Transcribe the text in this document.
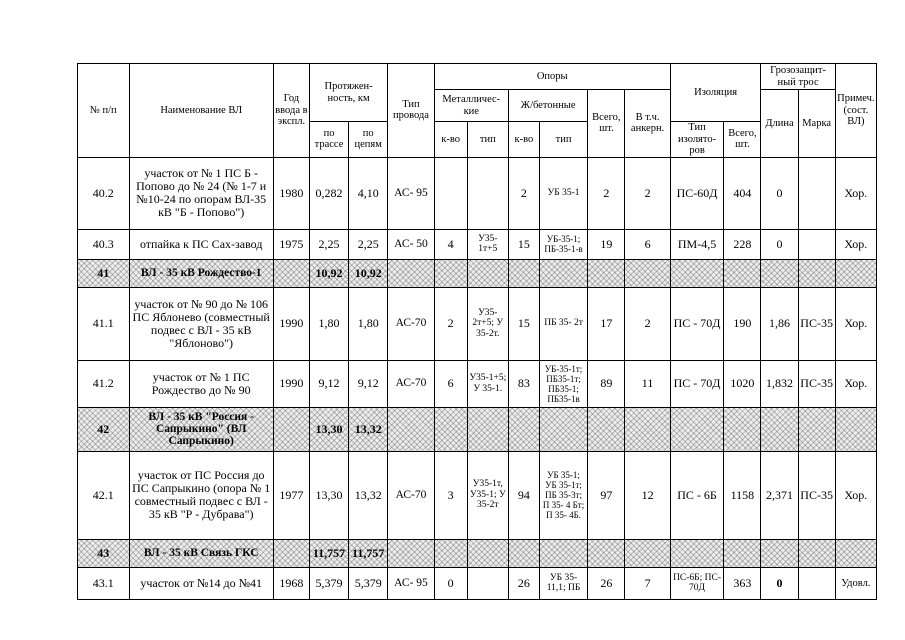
№ п/п	Наименование ВЛ	Год ввода в экспл.	Протяжен-ность, км		Тип провода	Опоры						Изоляция		Грозозащит-ный трос		Примеч. (сост. ВЛ)
						Металличес-кие		Ж/бетонные		Всего, шт.	В т.ч. анкерн.			Длина	Марка	
			по трассе	по цепям		к-во	тип	к-во	тип			Тип изолято-ров	Всего, шт.			
40.2	участок от № 1 ПС Б - Попово до № 24 (№ 1-7 и №10-24 по опорам ВЛ-35 кВ "Б - Попово")	1980	0,282	4,10	АС- 95			2	УБ 35-1	2	2	ПС-60Д	404	0		Хор.
40.3	отпайка к ПС Сах-завод	1975	2,25	2,25	АС- 50	4	У35-1т+5	15	УБ-35-1; ПБ-35-1-в	19	6	ПМ-4,5	228	0		Хор.
41	ВЛ - 35 кВ Рождество-1		10,92	10,92												
41.1	участок от № 90 до № 106 ПС Яблонево (совместный подвес с ВЛ - 35 кВ "Яблоново")	1990	1,80	1,80	АС-70	2	У35-2т+5; У 35-2т.	15	ПБ 35- 2т	17	2	ПС - 70Д	190	1,86	ПС-35	Хор.
41.2	участок от № 1 ПС Рождество до № 90	1990	9,12	9,12	АС-70	6	У35-1+5; У 35-1.	83	УБ-35-1т; ПБ35-1т; ПБ35-1; ПБ35-1в	89	11	ПС - 70Д	1020	1,832	ПС-35	Хор.
42	ВЛ - 35 кВ "Россия - Сапрыкино" (ВЛ Сапрыкино)		13,30	13,32												
42.1	участок от ПС Россия до ПС Сапрыкино (опора № 1 совместный подвес с ВЛ - 35 кВ "Р - Дубрава")	1977	13,30	13,32	АС-70	3	У35-1т, У35-1; У 35-2т	94	УБ 35-1; УБ 35-1т; ПБ 35-3т; П 35- 4 Бт; П 35- 4Б.	97	12	ПС - 6Б	1158	2,371	ПС-35	Хор.
43	ВЛ - 35 кВ Связь ГКС		11,757	11,757												
43.1	участок от №14 до №41	1968	5,379	5,379	АС- 95	0		26	УБ 35-11,1; ПБ	26	7	ПС-6Б; ПС- 70Д	363	0		Удовл.
